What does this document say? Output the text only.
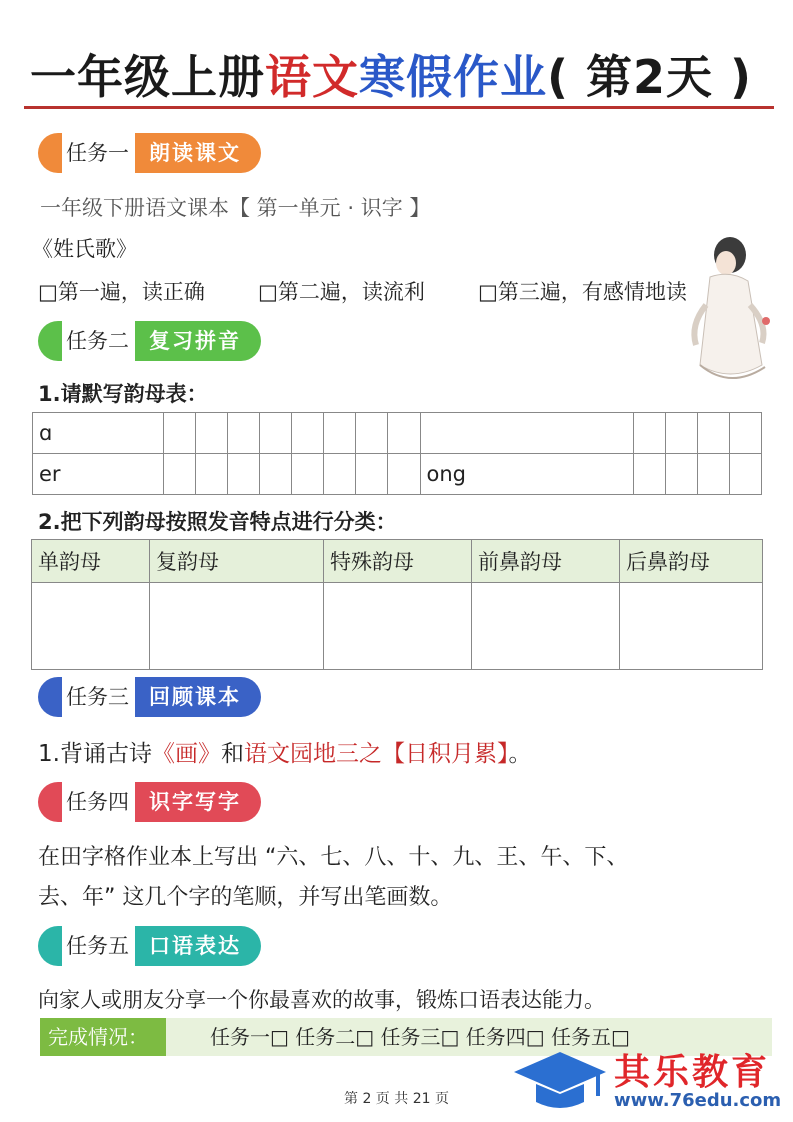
一年级上册语文寒假作业( 第2天 )
任务一 朗读课文
一年级下册语文课本【 第一单元 · 识字 】
《姓氏歌》
□第一遍，读正确	□第二遍，读流利	□第三遍，有感情地读
任务二 复习拼音
1.请默写韵母表：
ɑ													
er									ong				
2.把下列韵母按照发音特点进行分类：
单韵母	复韵母	特殊韵母	前鼻韵母	后鼻韵母

任务三 回顾课本
1.背诵古诗《画》和语文园地三之【日积月累】。
任务四 识字写字
在田字格作业本上写出 “六、七、八、十、九、王、午、下、
去、年” 这几个字的笔顺，并写出笔画数。
任务五 口语表达
向家人或朋友分享一个你最喜欢的故事，锻炼口语表达能力。
完成情况：	任务一□ 任务二□ 任务三□ 任务四□ 任务五□
其乐教育
www.76edu.com
第 2 页 共 21 页
